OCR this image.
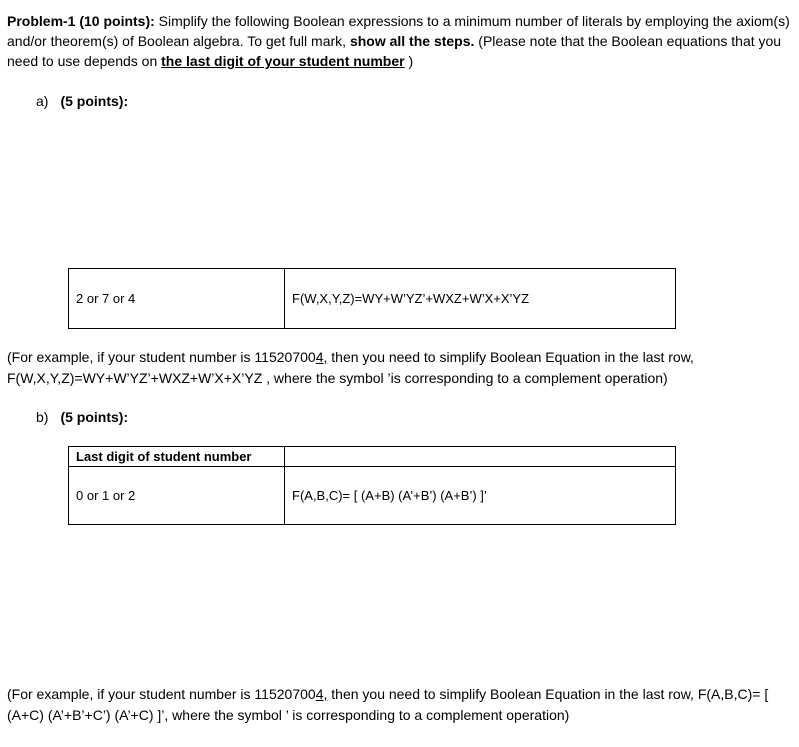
Problem-1 (10 points): Simplify the following Boolean expressions to a minimum number of literals by employing the axiom(s) and/or theorem(s) of Boolean algebra. To get full mark, show all the steps. (Please note that the Boolean equations that you need to use depends on the last digit of your student number )

a) (5 points):
2 or 7 or 4	F(W,X,Y,Z)=WY+W’YZ’+WXZ+W’X+X’YZ

(For example, if your student number is 115207004, then you need to simplify Boolean Equation in the last row, F(W,X,Y,Z)=WY+W’YZ’+WXZ+W’X+X’YZ , where the symbol ’is corresponding to a complement operation)

b) (5 points):
Last digit of student number	
0 or 1 or 2	F(A,B,C)= [ (A+B) (A’+B’) (A+B’) ]’

(For example, if your student number is 115207004, then you need to simplify Boolean Equation in the last row, F(A,B,C)= [ (A+C) (A’+B’+C’) (A’+C) ]’, where the symbol ’ is corresponding to a complement operation)
